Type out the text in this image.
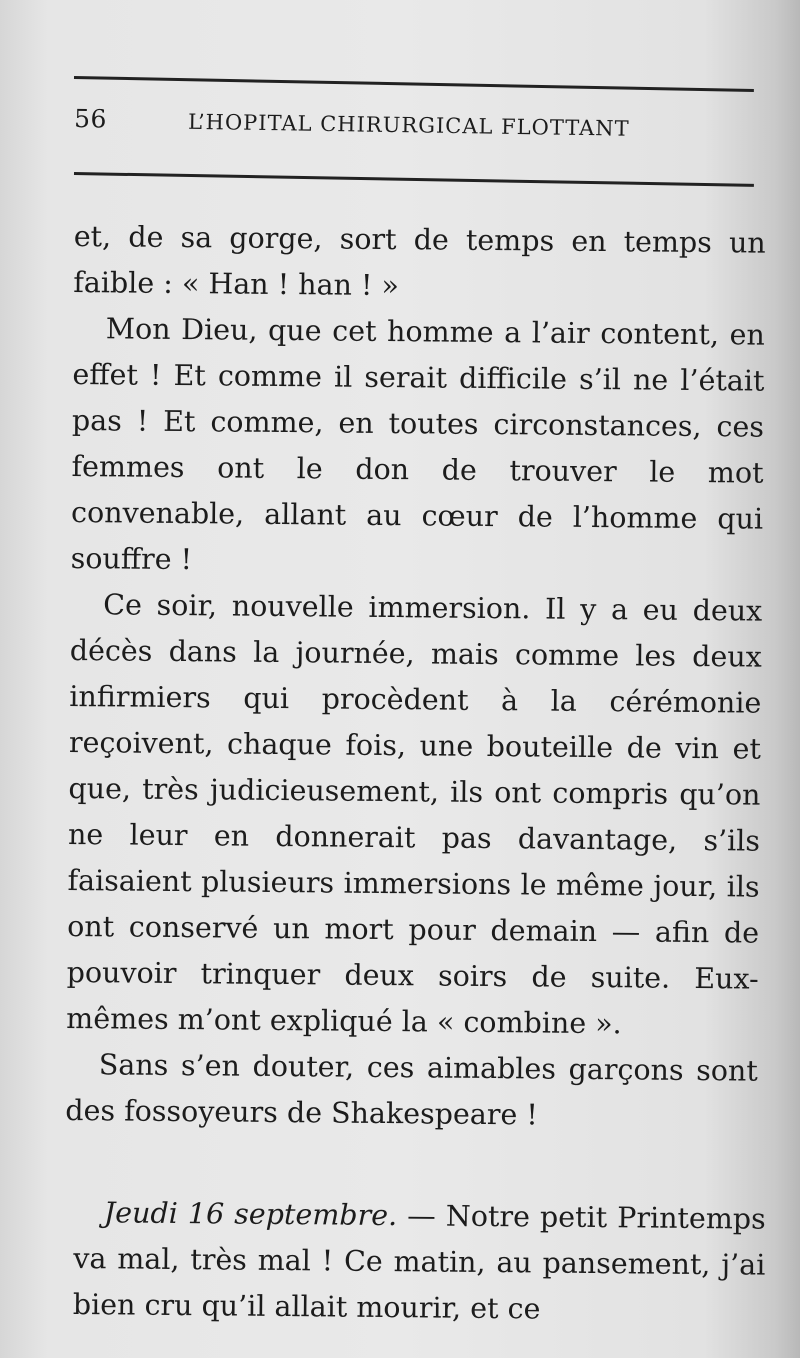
56	L’HOPITAL CHIRURGICAL FLOTTANT

et, de sa gorge, sort de temps en temps un faible : « Han ! han ! »

Mon Dieu, que cet homme a l’air content, en effet ! Et comme il serait difficile s’il ne l’était pas ! Et comme, en toutes circonstances, ces femmes ont le don de trouver le mot convenable, allant au cœur de l’homme qui souffre !

Ce soir, nouvelle immersion. Il y a eu deux décès dans la journée, mais comme les deux infirmiers qui procèdent à la cérémonie reçoivent, chaque fois, une bouteille de vin et que, très judicieusement, ils ont compris qu’on ne leur en donnerait pas davantage, s’ils faisaient plusieurs immersions le même jour, ils ont conservé un mort pour demain — afin de pouvoir trinquer deux soirs de suite. Eux-mêmes m’ont expliqué la « combine ».

Sans s’en douter, ces aimables garçons sont des fossoyeurs de Shakespeare !

Jeudi 16 septembre. — Notre petit Printemps va mal, très mal ! Ce matin, au pansement, j’ai bien cru qu’il allait mourir, et ce
